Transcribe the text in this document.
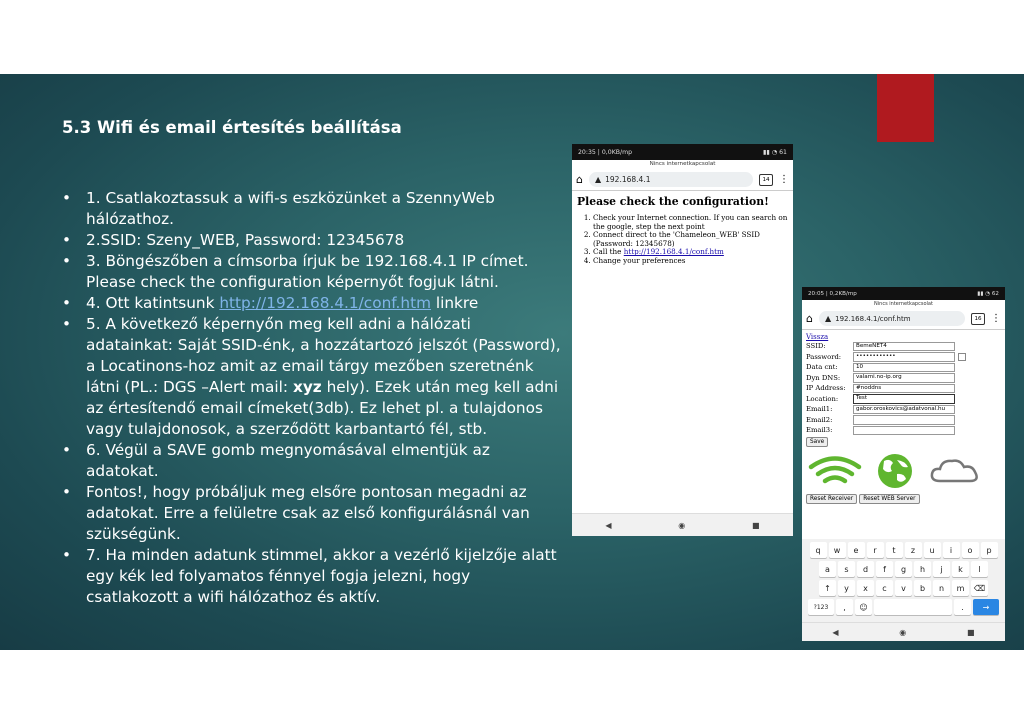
5.3 Wifi és email értesítés beállítása
• 1. Csatlakoztassuk a wifi-s eszközünket a SzennyWeb hálózathoz.
• 2.SSID: Szeny_WEB, Password: 12345678
• 3. Böngészőben a címsorba írjuk be 192.168.4.1 IP címet. Please check the configuration képernyőt fogjuk látni.
• 4. Ott katintsunk http://192.168.4.1/conf.htm linkre
• 5. A következő képernyőn meg kell adni a hálózati adatainkat: Saját SSID-énk, a hozzátartozó jelszót (Password), a Locatinons-hoz amit az email tárgy mezőben szeretnénk látni (PL.: DGS –Alert mail: xyz hely). Ezek után meg kell adni az értesítendő email címeket(3db). Ez lehet pl. a tulajdonos vagy tulajdonosok, a szerződött karbantartó fél, stb.
• 6. Végül a SAVE gomb megnyomásával elmentjük az adatokat.
• Fontos!, hogy próbáljuk meg elsőre pontosan megadni az adatokat. Erre a felületre csak az első konfigurálásnál van szükségünk.
• 7. Ha minden adatunk stimmel, akkor a vezérlő kijelzője alatt egy kék led folyamatos fénnyel fogja jelezni, hogy csatlakozott a wifi hálózathoz és aktív.
20:35 | 0,0KB/mp	▮▮ ◔ 61
Nincs internetkapcsolat
⌂ ▲ 192.168.4.1	14 ⋮
Please check the configuration!
1. Check your Internet connection. If you can search on the google, step the next point
2. Connect direct to the 'Chameleon_WEB' SSID (Password: 12345678)
3. Call the http://192.168.4.1/conf.htm
4. Change your preferences
◀	◉	■
20:05 | 0,2KB/mp	▮▮ ◔ 62
Nincs internetkapcsolat
⌂ ▲ 192.168.4.1/conf.htm	16 ⋮
Vissza
SSID:	BemeNET4
Password:	••••••••••••
Data cnt:	10
Dyn DNS:	valami.no-ip.org
IP Address:	#noddns
Location:	Test
Email1:	gabor.oroskovics@adatvonal.hu
Email2:
Email3:
Save
Reset Receiver Reset WEB Server
q	w	e	r	t	z	u	i	o	p
a	s	d	f	g	h	j	k	l
↑	y	x	c	v	b	n	m	⌫
?123	,	☺	.	→
◀	◉	■
